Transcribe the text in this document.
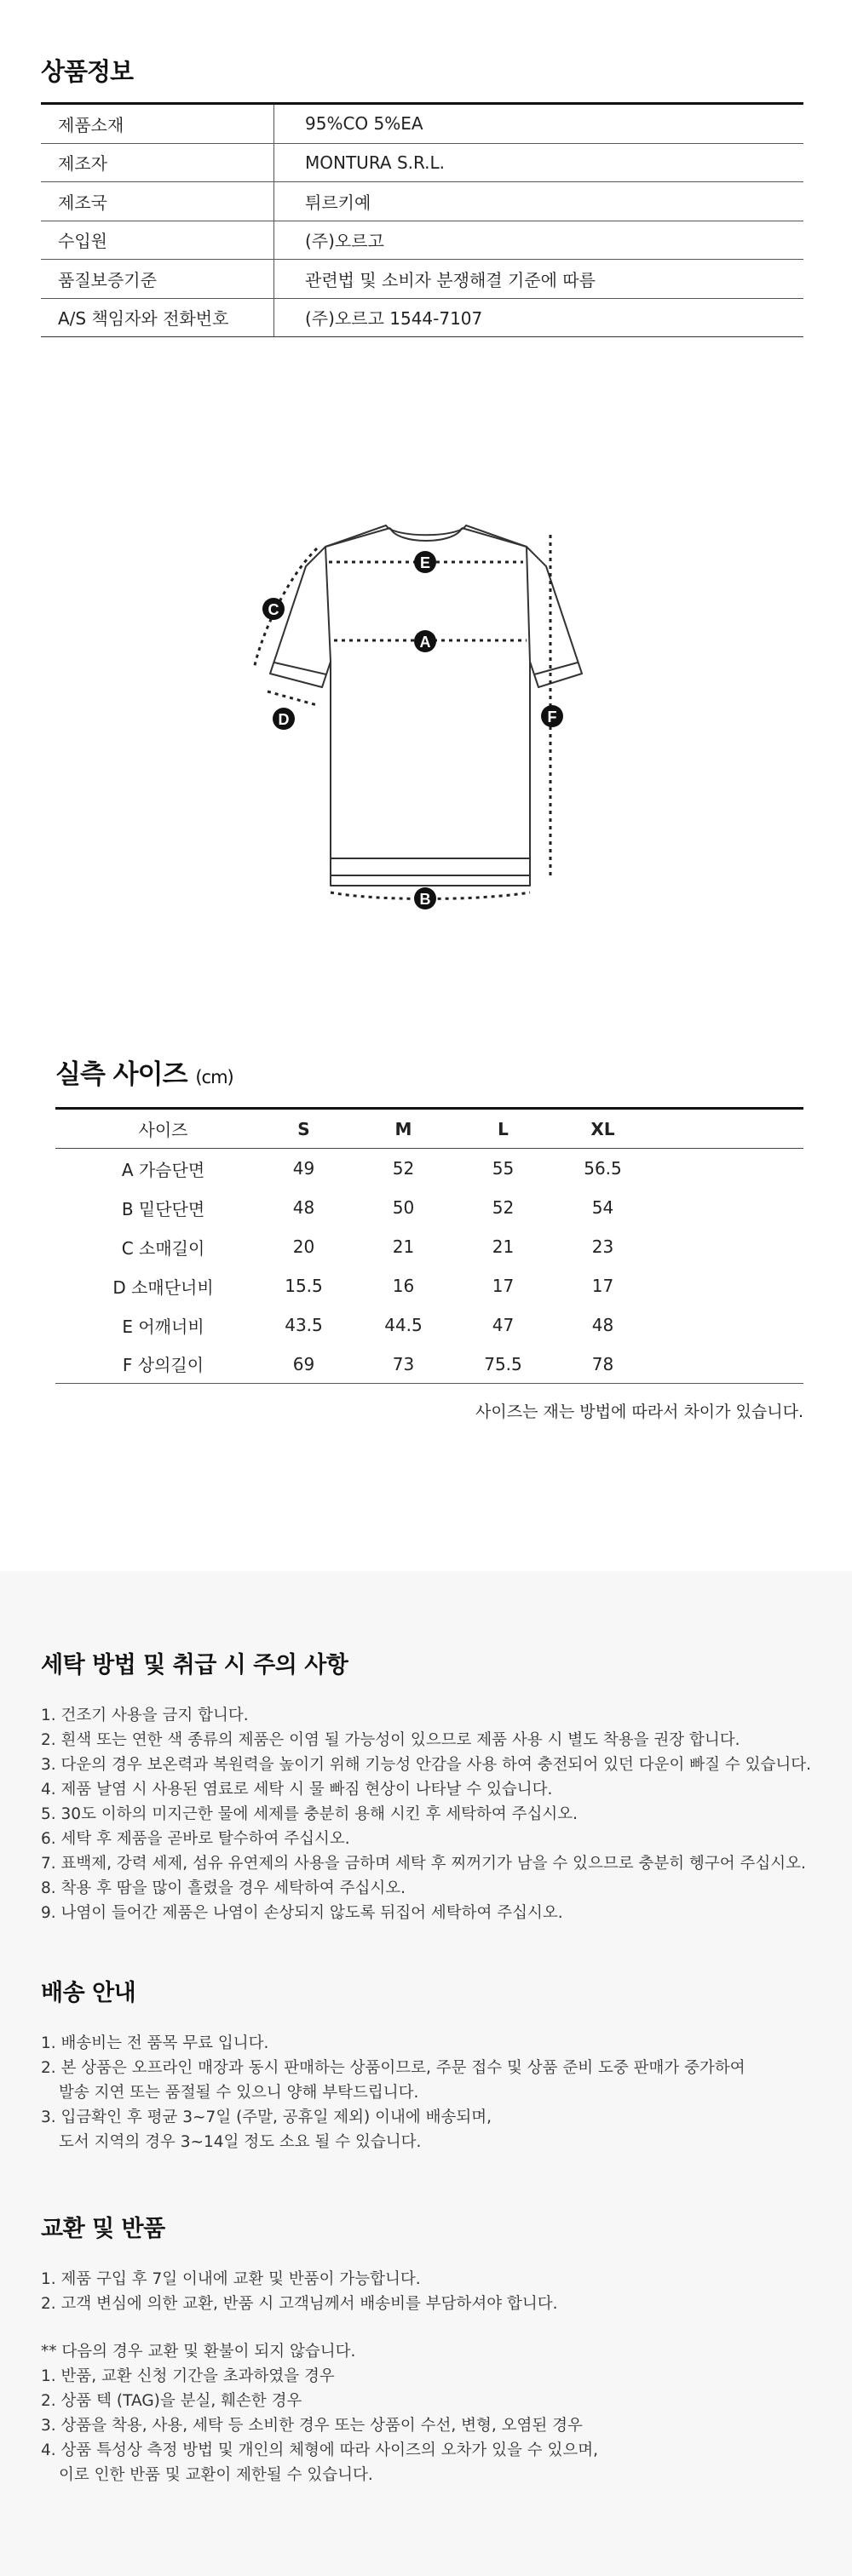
상품정보
제품소재	95%CO 5%EA
제조자	MONTURA S.R.L.
제조국	튀르키예
수입원	(주)오르고
품질보증기준	관련법 및 소비자 분쟁해결 기준에 따름
A/S 책임자와 전화번호	(주)오르고 1544-7107
A
B
C
D
E
F
실측 사이즈 (cm)
사이즈	S	M	L	XL
A 가슴단면	49	52	55	56.5
B 밑단단면	48	50	52	54
C 소매길이	20	21	21	23
D 소매단너비	15.5	16	17	17
E 어깨너비	43.5	44.5	47	48
F 상의길이	69	73	75.5	78
사이즈는 재는 방법에 따라서 차이가 있습니다.
세탁 방법 및 취급 시 주의 사항
1. 건조기 사용을 금지 합니다.
2. 흰색 또는 연한 색 종류의 제품은 이염 될 가능성이 있으므로 제품 사용 시 별도 착용을 권장 합니다.
3. 다운의 경우 보온력과 복원력을 높이기 위해 기능성 안감을 사용 하여 충전되어 있던 다운이 빠질 수 있습니다.
4. 제품 날염 시 사용된 염료로 세탁 시 물 빠짐 현상이 나타날 수 있습니다.
5. 30도 이하의 미지근한 물에 세제를 충분히 용해 시킨 후 세탁하여 주십시오.
6. 세탁 후 제품을 곧바로 탈수하여 주십시오.
7. 표백제, 강력 세제, 섬유 유연제의 사용을 금하며 세탁 후 찌꺼기가 남을 수 있으므로 충분히 헹구어 주십시오.
8. 착용 후 땀을 많이 흘렸을 경우 세탁하여 주십시오.
9. 나염이 들어간 제품은 나염이 손상되지 않도록 뒤집어 세탁하여 주십시오.
배송 안내
1. 배송비는 전 품목 무료 입니다.
2. 본 상품은 오프라인 매장과 동시 판매하는 상품이므로, 주문 접수 및 상품 준비 도중 판매가 중가하여
발송 지연 또는 품절될 수 있으니 양해 부탁드립니다.
3. 입금확인 후 평균 3~7일 (주말, 공휴일 제외) 이내에 배송되며,
도서 지역의 경우 3~14일 정도 소요 될 수 있습니다.
교환 및 반품
1. 제품 구입 후 7일 이내에 교환 및 반품이 가능합니다.
2. 고객 변심에 의한 교환, 반품 시 고객님께서 배송비를 부담하셔야 합니다.

** 다음의 경우 교환 및 환불이 되지 않습니다.

1. 반품, 교환 신청 기간을 초과하였을 경우
2. 상품 텍 (TAG)을 분실, 훼손한 경우
3. 상품을 착용, 사용, 세탁 등 소비한 경우 또는 상품이 수선, 변형, 오염된 경우
4. 상품 특성상 측정 방법 및 개인의 체형에 따라 사이즈의 오차가 있을 수 있으며,
이로 인한 반품 및 교환이 제한될 수 있습니다.
